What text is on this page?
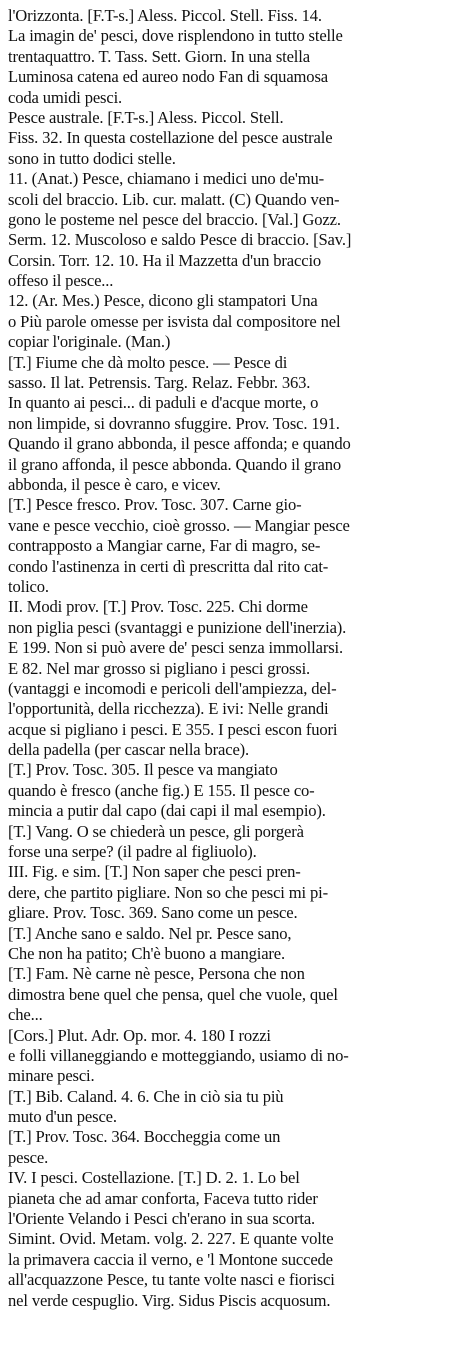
l'Orizzonta. [F.T-s.] Aless. Piccol. Stell. Fiss. 14.
La imagin de' pesci, dove risplendono in tutto stelle
trentaquattro. T. Tass. Sett. Giorn. In una stella
Luminosa catena ed aureo nodo Fan di squamosa
coda umidi pesci.
Pesce australe. [F.T-s.] Aless. Piccol. Stell.
Fiss. 32. In questa costellazione del pesce australe
sono in tutto dodici stelle.
11. (Anat.) Pesce, chiamano i medici uno de'mu-
scoli del braccio. Lib. cur. malatt. (C) Quando ven-
gono le posteme nel pesce del braccio. [Val.] Gozz.
Serm. 12. Muscoloso e saldo Pesce di braccio. [Sav.]
Corsin. Torr. 12. 10. Ha il Mazzetta d'un braccio
offeso il pesce...
12. (Ar. Mes.) Pesce, dicono gli stampatori Una
o Più parole omesse per isvista dal compositore nel
copiar l'originale. (Man.)
[T.] Fiume che dà molto pesce. — Pesce di
sasso. Il lat. Petrensis. Targ. Relaz. Febbr. 363.
In quanto ai pesci... di paduli e d'acque morte, o
non limpide, si dovranno sfuggire. Prov. Tosc. 191.
Quando il grano abbonda, il pesce affonda; e quando
il grano affonda, il pesce abbonda. Quando il grano
abbonda, il pesce è caro, e vicev.
[T.] Pesce fresco. Prov. Tosc. 307. Carne gio-
vane e pesce vecchio, cioè grosso. — Mangiar pesce
contrapposto a Mangiar carne, Far di magro, se-
condo l'astinenza in certi dì prescritta dal rito cat-
tolico.
II. Modi prov. [T.] Prov. Tosc. 225. Chi dorme
non piglia pesci (svantaggi e punizione dell'inerzia).
E 199. Non si può avere de' pesci senza immollarsi.
E 82. Nel mar grosso si pigliano i pesci grossi.
(vantaggi e incomodi e pericoli dell'ampiezza, del-
l'opportunità, della ricchezza). E ivi: Nelle grandi
acque si pigliano i pesci. E 355. I pesci escon fuori
della padella (per cascar nella brace).
[T.] Prov. Tosc. 305. Il pesce va mangiato
quando è fresco (anche fig.) E 155. Il pesce co-
mincia a putir dal capo (dai capi il mal esempio).
[T.] Vang. O se chiederà un pesce, gli porgerà
forse una serpe? (il padre al figliuolo).
III. Fig. e sim. [T.] Non saper che pesci pren-
dere, che partito pigliare. Non so che pesci mi pi-
gliare. Prov. Tosc. 369. Sano come un pesce.
[T.] Anche sano e saldo. Nel pr. Pesce sano,
Che non ha patito; Ch'è buono a mangiare.
[T.] Fam. Nè carne nè pesce, Persona che non
dimostra bene quel che pensa, quel che vuole, quel
che...
[Cors.] Plut. Adr. Op. mor. 4. 180 I rozzi
e folli villaneggiando e motteggiando, usiamo di no-
minare pesci.
[T.] Bib. Caland. 4. 6. Che in ciò sia tu più
muto d'un pesce.
[T.] Prov. Tosc. 364. Boccheggia come un
pesce.
IV. I pesci. Costellazione. [T.] D. 2. 1. Lo bel
pianeta che ad amar conforta, Faceva tutto rider
l'Oriente Velando i Pesci ch'erano in sua scorta.
Simint. Ovid. Metam. volg. 2. 227. E quante volte
la primavera caccia il verno, e 'l Montone succede
all'acquazzone Pesce, tu tante volte nasci e fiorisci
nel verde cespuglio. Virg. Sidus Piscis acquosum.
